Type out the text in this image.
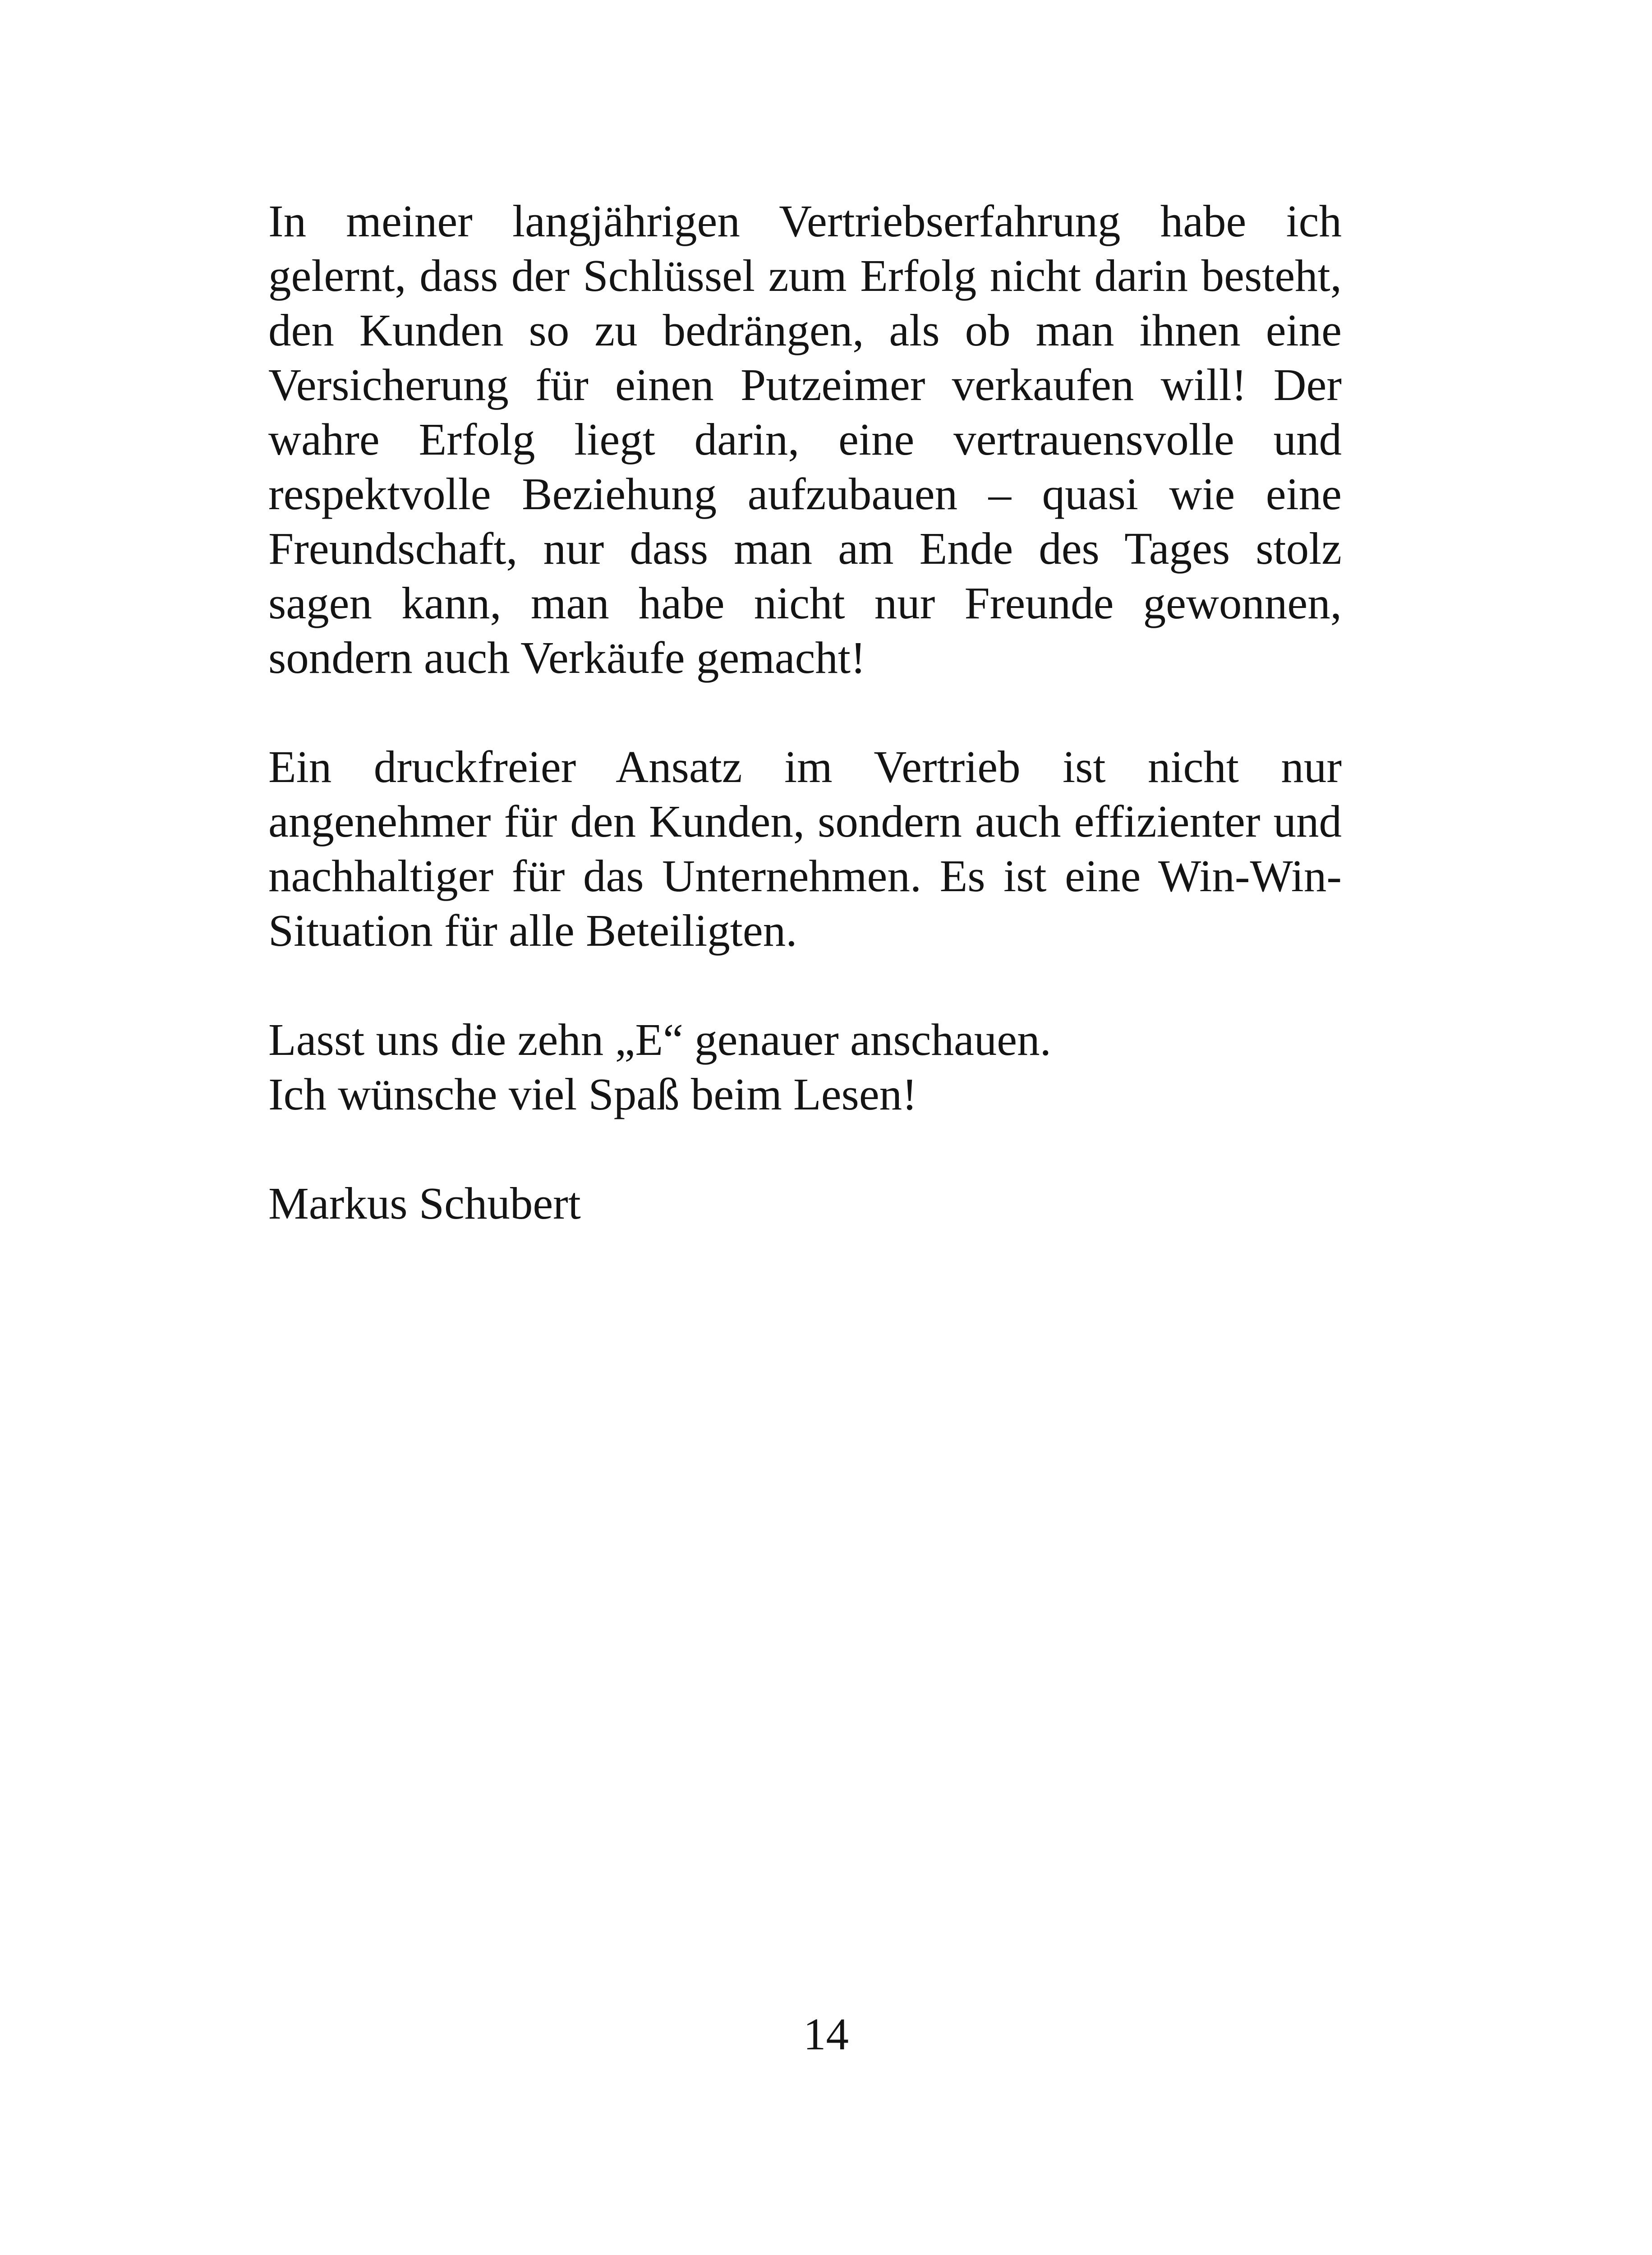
In meiner langjährigen Vertriebserfahrung habe ich gelernt, dass der Schlüssel zum Erfolg nicht darin besteht, den Kunden so zu bedrängen, als ob man ihnen eine Versicherung für einen Putzeimer verkaufen will! Der wahre Erfolg liegt darin, eine vertrauensvolle und respektvolle Beziehung aufzubauen – quasi wie eine Freundschaft, nur dass man am Ende des Tages stolz sagen kann, man habe nicht nur Freunde gewonnen, sondern auch Verkäufe gemacht!

Ein druckfreier Ansatz im Vertrieb ist nicht nur angenehmer für den Kunden, sondern auch effizienter und nachhaltiger für das Unternehmen. Es ist eine Win-Win-Situation für alle Beteiligten.

Lasst uns die zehn „E“ genauer anschauen.
Ich wünsche viel Spaß beim Lesen!

Markus Schubert

14
